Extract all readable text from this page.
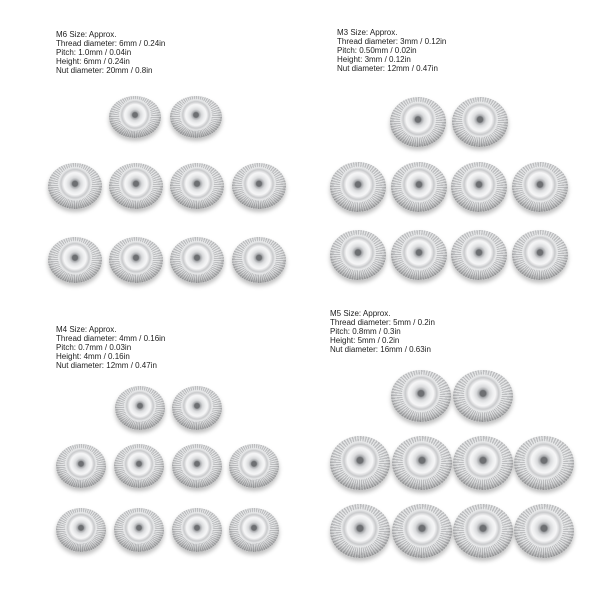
M6 Size: Approx.
Thread diameter: 6mm / 0.24in
Pitch: 1.0mm / 0.04in
Height: 6mm / 0.24in
Nut diameter: 20mm / 0.8in
M3 Size: Approx.
Thread diameter: 3mm / 0.12in
Pitch: 0.50mm / 0.02in
Height: 3mm / 0.12in
Nut diameter: 12mm / 0.47in
M4 Size: Approx.
Thread diameter: 4mm / 0.16in
Pitch: 0.7mm / 0.03in
Height: 4mm / 0.16in
Nut diameter: 12mm / 0.47in
M5 Size: Approx.
Thread diameter: 5mm / 0.2in
Pitch: 0.8mm / 0.3in
Height: 5mm / 0.2in
Nut diameter: 16mm / 0.63in
